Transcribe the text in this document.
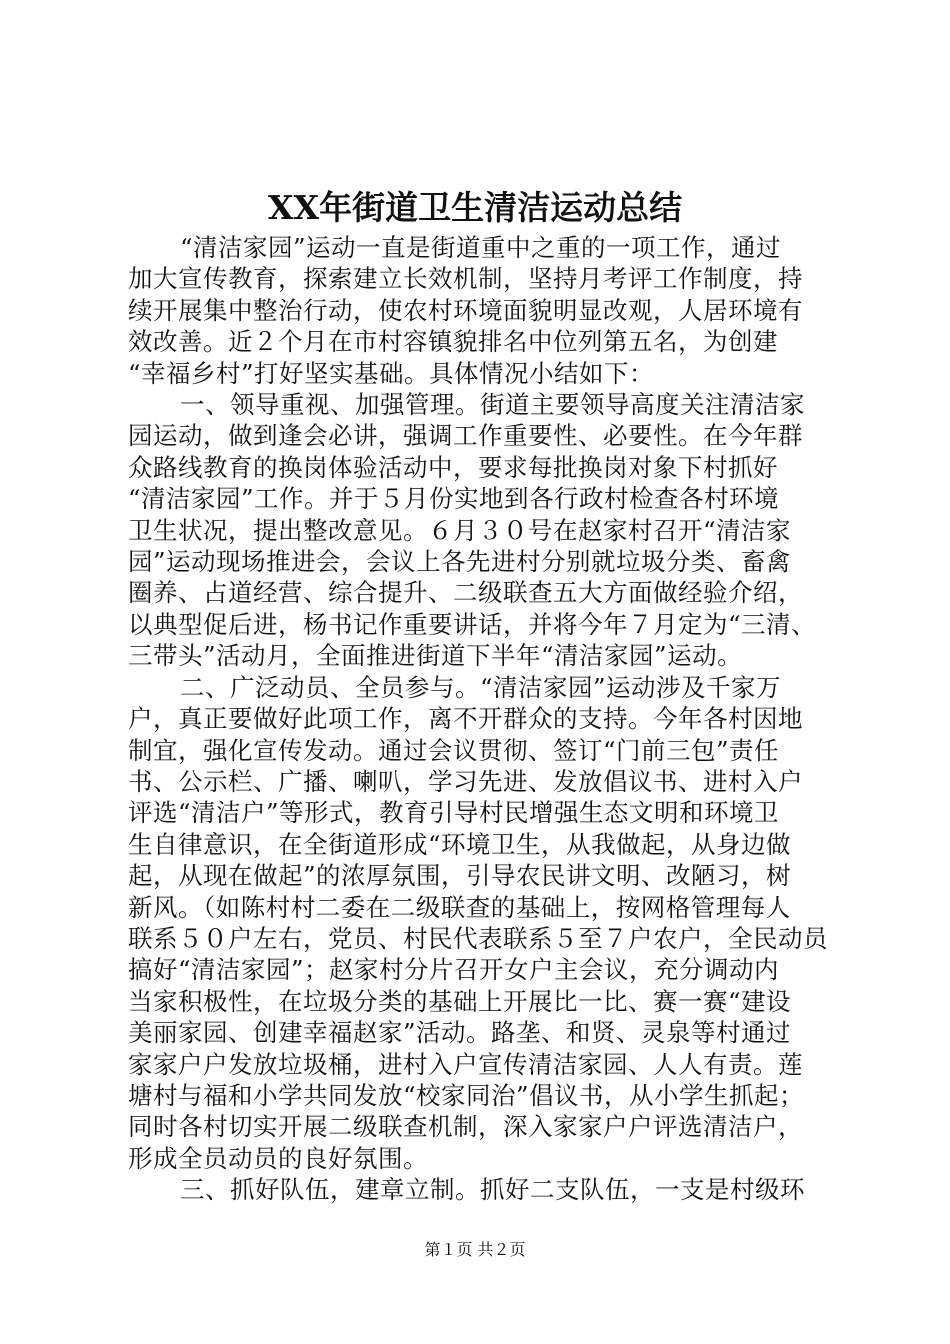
XX年街道卫生清洁运动总结
“清洁家园”运动一直是街道重中之重的一项工作，通过
加大宣传教育，探索建立长效机制，坚持月考评工作制度，持
续开展集中整治行动，使农村环境面貌明显改观，人居环境有
效改善。近２个月在市村容镇貌排名中位列第五名，为创建
“幸福乡村”打好坚实基础。具体情况小结如下：
一、领导重视、加强管理。街道主要领导高度关注清洁家
园运动，做到逢会必讲，强调工作重要性、必要性。在今年群
众路线教育的换岗体验活动中，要求每批换岗对象下村抓好
“清洁家园”工作。并于５月份实地到各行政村检查各村环境
卫生状况，提出整改意见。６月３０号在赵家村召开“清洁家
园”运动现场推进会，会议上各先进村分别就垃圾分类、畜禽
圈养、占道经营、综合提升、二级联查五大方面做经验介绍，
以典型促后进，杨书记作重要讲话，并将今年７月定为“三清、
三带头”活动月，全面推进街道下半年“清洁家园”运动。
二、广泛动员、全员参与。“清洁家园”运动涉及千家万
户，真正要做好此项工作，离不开群众的支持。今年各村因地
制宜，强化宣传发动。通过会议贯彻、签订“门前三包”责任
书、公示栏、广播、喇叭，学习先进、发放倡议书、进村入户
评选“清洁户”等形式，教育引导村民增强生态文明和环境卫
生自律意识，在全街道形成“环境卫生，从我做起，从身边做
起，从现在做起”的浓厚氛围，引导农民讲文明、改陋习，树
新风。（如陈村村二委在二级联查的基础上，按网格管理每人
联系５０户左右，党员、村民代表联系５至７户农户，全民动员
搞好“清洁家园”；赵家村分片召开女户主会议，充分调动内
当家积极性，在垃圾分类的基础上开展比一比、赛一赛“建设
美丽家园、创建幸福赵家”活动。路垄、和贤、灵泉等村通过
家家户户发放垃圾桶，进村入户宣传清洁家园、人人有责。莲
塘村与福和小学共同发放“校家同治”倡议书，从小学生抓起；
同时各村切实开展二级联查机制，深入家家户户评选清洁户，
形成全员动员的良好氛围。
三、抓好队伍，建章立制。抓好二支队伍，一支是村级环
第１页 共２页
